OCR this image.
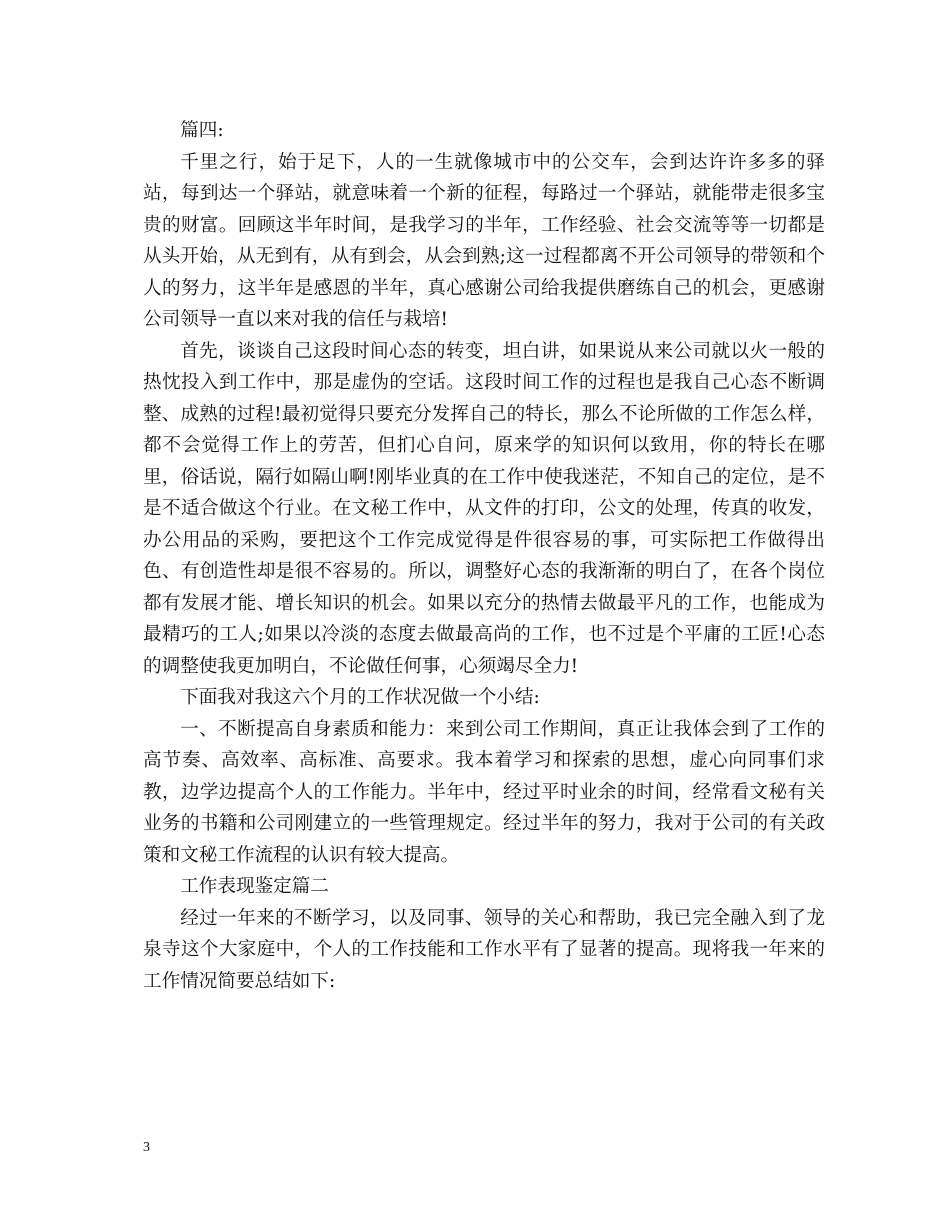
篇四:

千里之行，始于足下，人的一生就像城市中的公交车，会到达许许多多的驿站，每到达一个驿站，就意味着一个新的征程，每路过一个驿站，就能带走很多宝贵的财富。回顾这半年时间，是我学习的半年，工作经验、社会交流等等一切都是从头开始，从无到有，从有到会，从会到熟;这一过程都离不开公司领导的带领和个人的努力，这半年是感恩的半年，真心感谢公司给我提供磨练自己的机会，更感谢公司领导一直以来对我的信任与栽培!

首先，谈谈自己这段时间心态的转变，坦白讲，如果说从来公司就以火一般的热忱投入到工作中，那是虚伪的空话。这段时间工作的过程也是我自己心态不断调整、成熟的过程!最初觉得只要充分发挥自己的特长，那么不论所做的工作怎么样，都不会觉得工作上的劳苦，但扪心自问，原来学的知识何以致用，你的特长在哪里，俗话说，隔行如隔山啊!刚毕业真的在工作中使我迷茫，不知自己的定位，是不是不适合做这个行业。在文秘工作中，从文件的打印，公文的处理，传真的收发，办公用品的采购，要把这个工作完成觉得是件很容易的事，可实际把工作做得出色、有创造性却是很不容易的。所以，调整好心态的我渐渐的明白了，在各个岗位都有发展才能、增长知识的机会。如果以充分的热情去做最平凡的工作，也能成为最精巧的工人;如果以冷淡的态度去做最高尚的工作，也不过是个平庸的工匠!心态的调整使我更加明白，不论做任何事，心须竭尽全力!

下面我对我这六个月的工作状况做一个小结:

一、不断提高自身素质和能力：来到公司工作期间，真正让我体会到了工作的高节奏、高效率、高标准、高要求。我本着学习和探索的思想，虚心向同事们求教，边学边提高个人的工作能力。半年中，经过平时业余的时间，经常看文秘有关业务的书籍和公司刚建立的一些管理规定。经过半年的努力，我对于公司的有关政策和文秘工作流程的认识有较大提高。

工作表现鉴定篇二

经过一年来的不断学习，以及同事、领导的关心和帮助，我已完全融入到了龙泉寺这个大家庭中，个人的工作技能和工作水平有了显著的提高。现将我一年来的工作情况简要总结如下:

3
